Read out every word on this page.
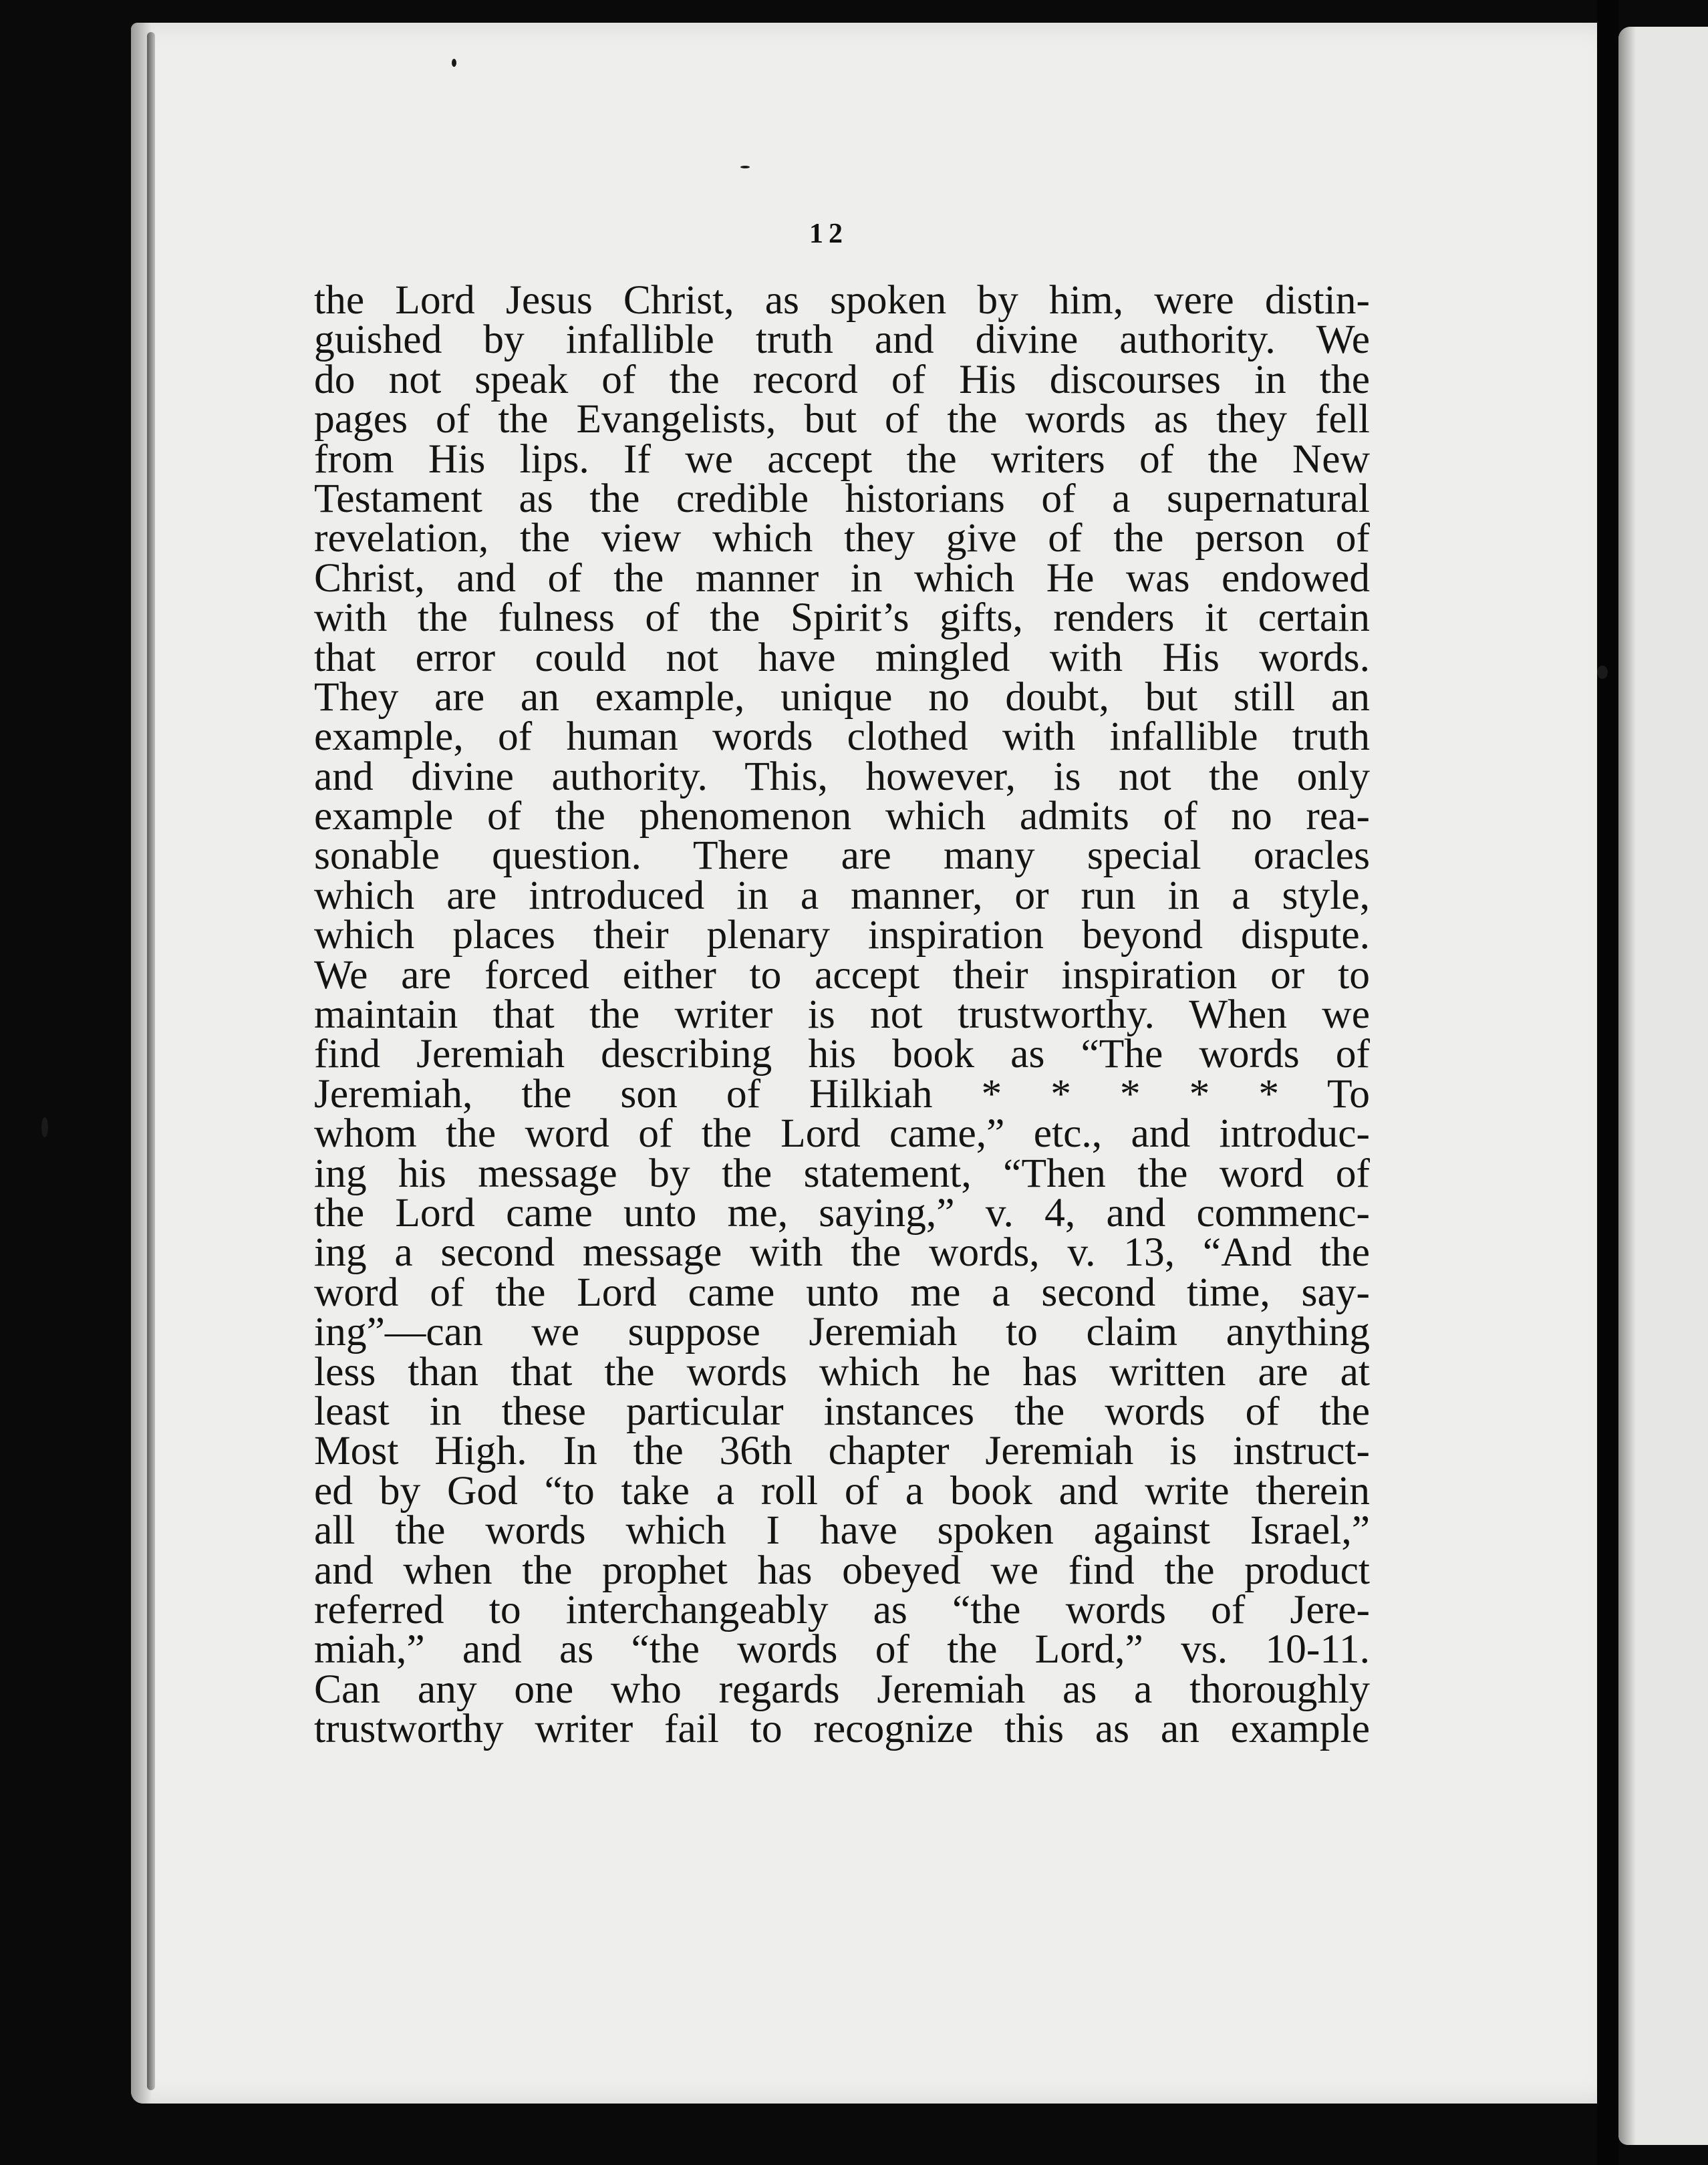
12
the Lord Jesus Christ, as spoken by him, were distin-
guished by infallible truth and divine authority. We
do not speak of the record of His discourses in the
pages of the Evangelists, but of the words as they fell
from His lips. If we accept the writers of the New
Testament as the credible historians of a supernatural
revelation, the view which they give of the person of
Christ, and of the manner in which He was endowed
with the fulness of the Spirit’s gifts, renders it certain
that error could not have mingled with His words.
They are an example, unique no doubt, but still an
example, of human words clothed with infallible truth
and divine authority. This, however, is not the only
example of the phenomenon which admits of no rea-
sonable question. There are many special oracles
which are introduced in a manner, or run in a style,
which places their plenary inspiration beyond dispute.
We are forced either to accept their inspiration or to
maintain that the writer is not trustworthy. When we
find Jeremiah describing his book as “The words of
Jeremiah, the son of Hilkiah * * * * * To
whom the word of the Lord came,” etc., and introduc-
ing his message by the statement, “Then the word of
the Lord came unto me, saying,” v. 4, and commenc-
ing a second message with the words, v. 13, “And the
word of the Lord came unto me a second time, say-
ing”—can we suppose Jeremiah to claim anything
less than that the words which he has written are at
least in these particular instances the words of the
Most High. In the 36th chapter Jeremiah is instruct-
ed by God “to take a roll of a book and write therein
all the words which I have spoken against Israel,”
and when the prophet has obeyed we find the product
referred to interchangeably as “the words of Jere-
miah,” and as “the words of the Lord,” vs. 10-11.
Can any one who regards Jeremiah as a thoroughly
trustworthy writer fail to recognize this as an example
